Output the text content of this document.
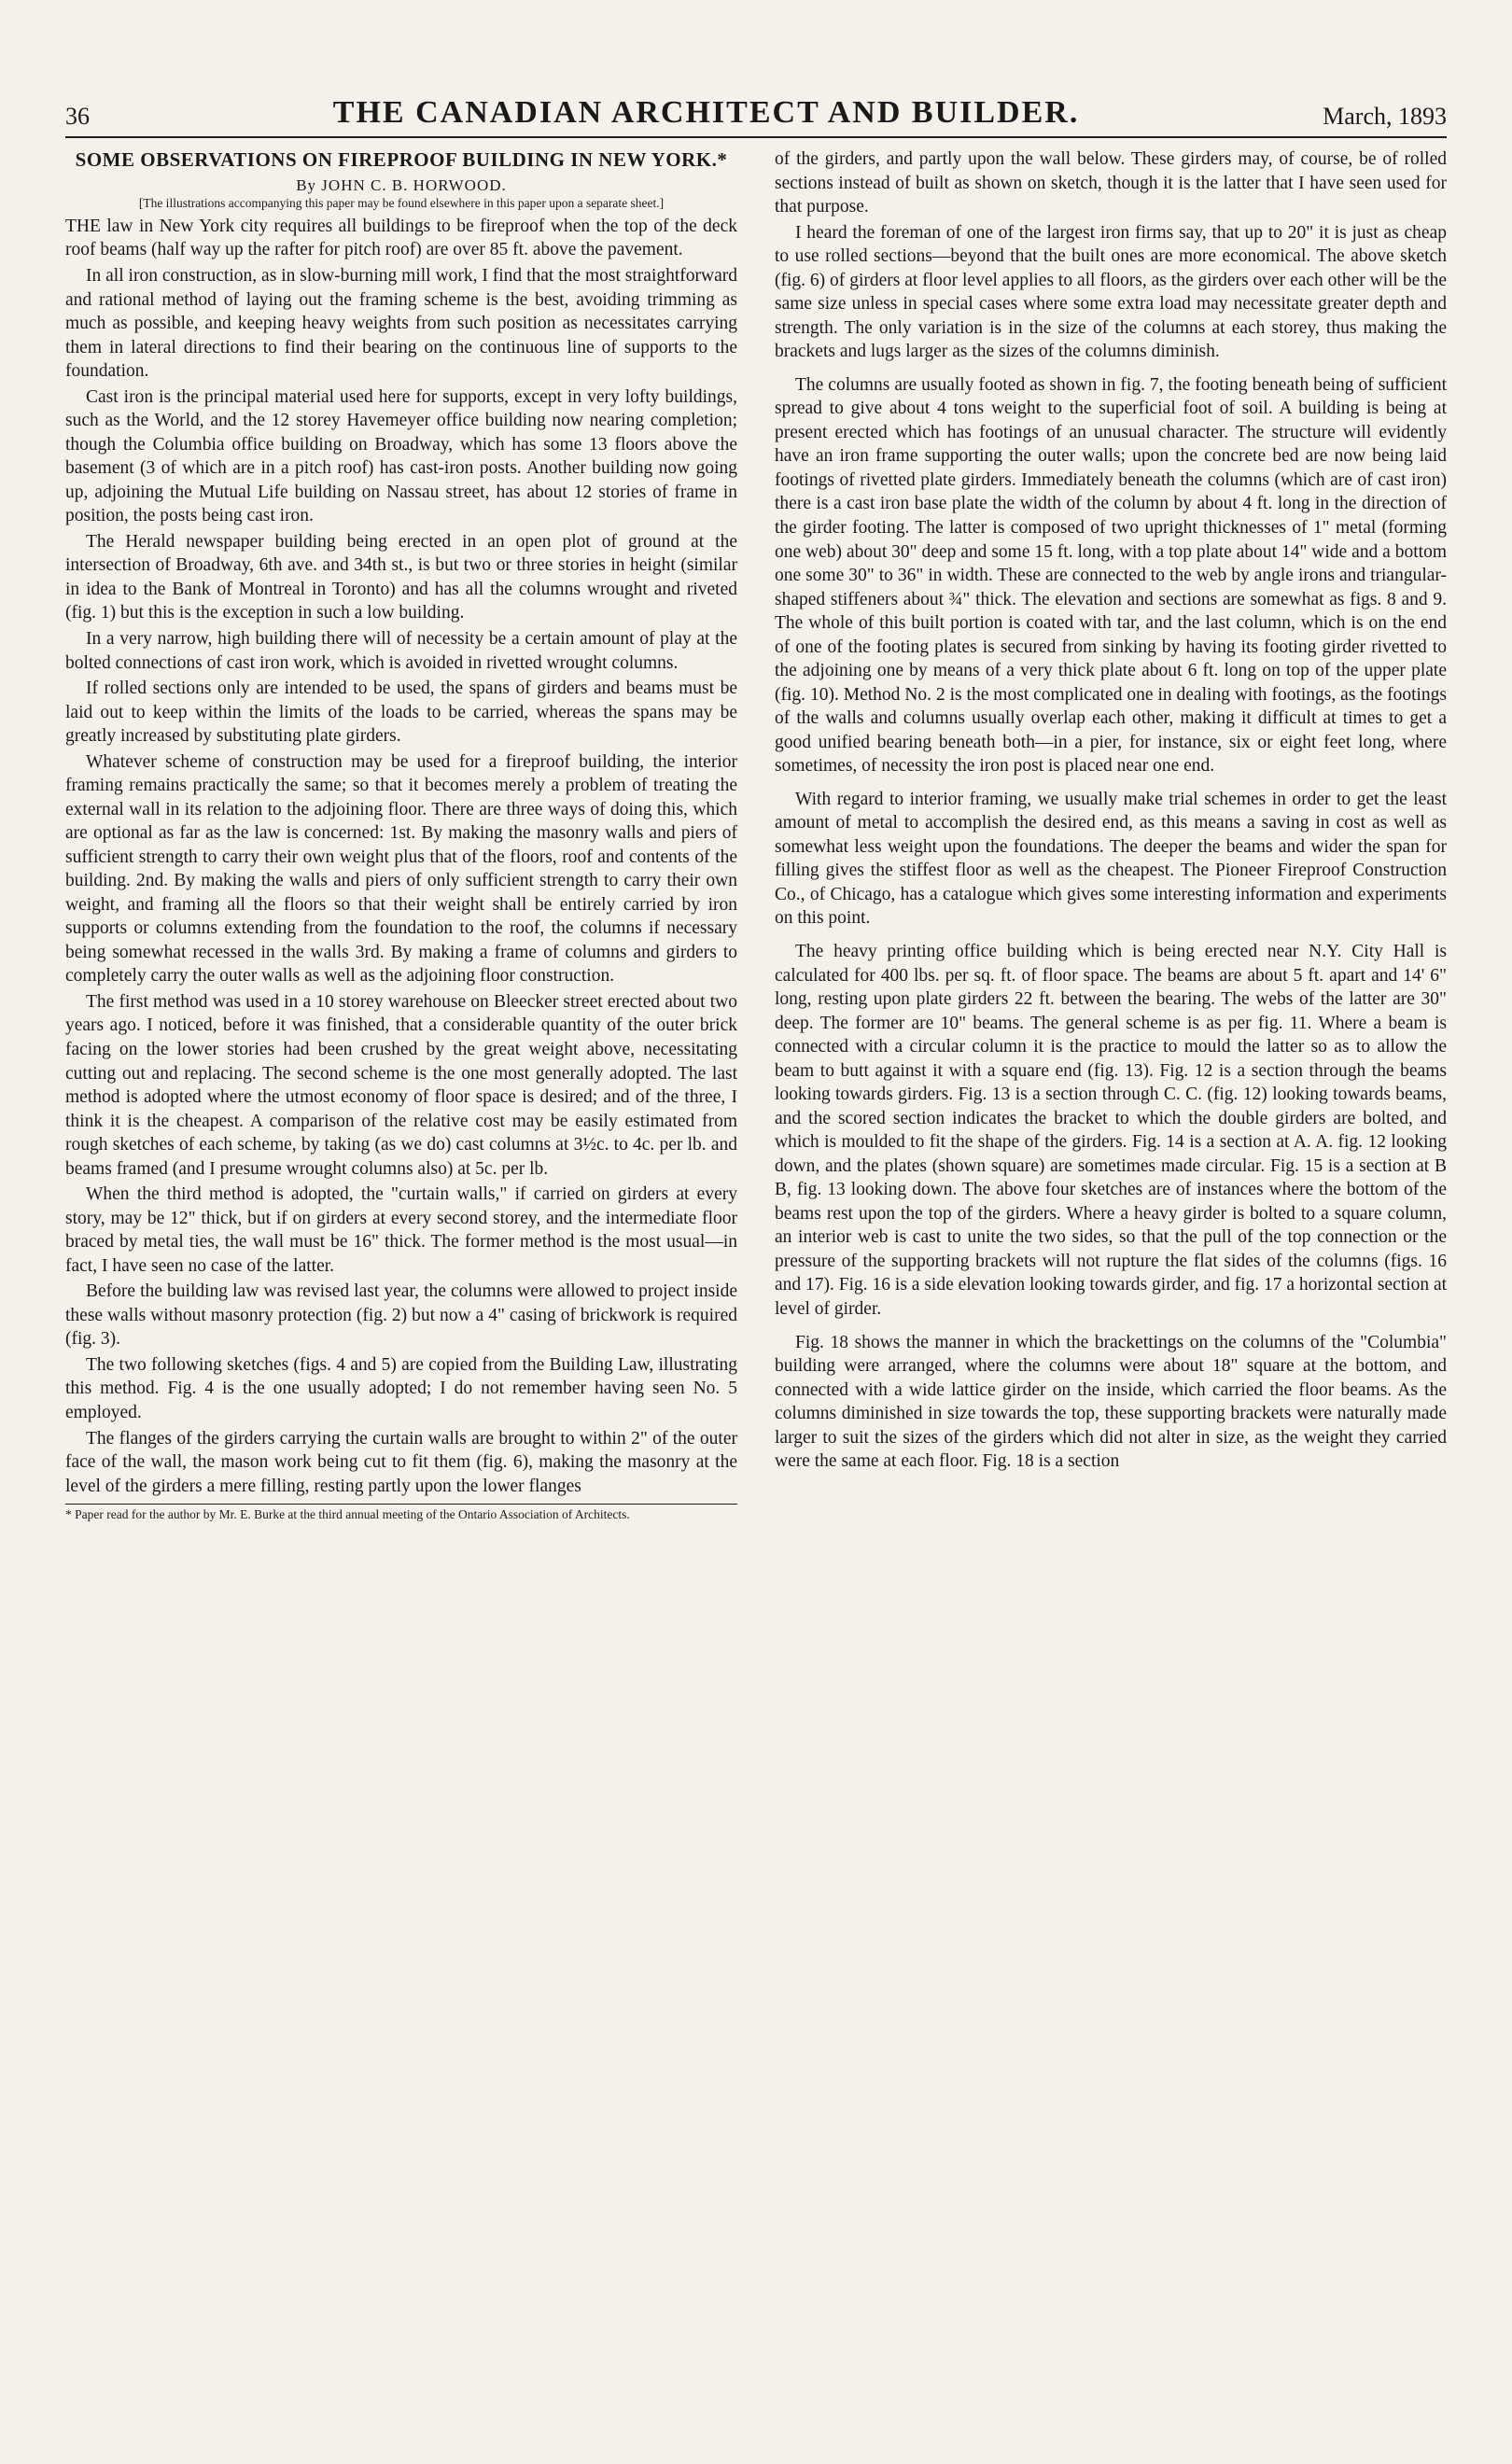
36	THE CANADIAN ARCHITECT AND BUILDER.	March, 1893
SOME OBSERVATIONS ON FIREPROOF BUILDING IN NEW YORK.*
By JOHN C. B. HORWOOD.
[The illustrations accompanying this paper may be found elsewhere in this paper upon a separate sheet.]

THE law in New York city requires all buildings to be fireproof when the top of the deck roof beams (half way up the rafter for pitch roof) are over 85 ft. above the pavement.

In all iron construction, as in slow-burning mill work, I find that the most straightforward and rational method of laying out the framing scheme is the best, avoiding trimming as much as possible, and keeping heavy weights from such position as necessitates carrying them in lateral directions to find their bearing on the continuous line of supports to the foundation.

Cast iron is the principal material used here for supports, except in very lofty buildings, such as the World, and the 12 storey Havemeyer office building now nearing completion; though the Columbia office building on Broadway, which has some 13 floors above the basement (3 of which are in a pitch roof) has cast-iron posts. Another building now going up, adjoining the Mutual Life building on Nassau street, has about 12 stories of frame in position, the posts being cast iron.

The Herald newspaper building being erected in an open plot of ground at the intersection of Broadway, 6th ave. and 34th st., is but two or three stories in height (similar in idea to the Bank of Montreal in Toronto) and has all the columns wrought and riveted (fig. 1) but this is the exception in such a low building.

In a very narrow, high building there will of necessity be a certain amount of play at the bolted connections of cast iron work, which is avoided in rivetted wrought columns.

If rolled sections only are intended to be used, the spans of girders and beams must be laid out to keep within the limits of the loads to be carried, whereas the spans may be greatly increased by substituting plate girders.

Whatever scheme of construction may be used for a fireproof building, the interior framing remains practically the same; so that it becomes merely a problem of treating the external wall in its relation to the adjoining floor. There are three ways of doing this, which are optional as far as the law is concerned: 1st. By making the masonry walls and piers of sufficient strength to carry their own weight plus that of the floors, roof and contents of the building. 2nd. By making the walls and piers of only sufficient strength to carry their own weight, and framing all the floors so that their weight shall be entirely carried by iron supports or columns extending from the foundation to the roof, the columns if necessary being somewhat recessed in the walls 3rd. By making a frame of columns and girders to completely carry the outer walls as well as the adjoining floor construction.

The first method was used in a 10 storey warehouse on Bleecker street erected about two years ago. I noticed, before it was finished, that a considerable quantity of the outer brick facing on the lower stories had been crushed by the great weight above, necessitating cutting out and replacing. The second scheme is the one most generally adopted. The last method is adopted where the utmost economy of floor space is desired; and of the three, I think it is the cheapest. A comparison of the relative cost may be easily estimated from rough sketches of each scheme, by taking (as we do) cast columns at 3½c. to 4c. per lb. and beams framed (and I presume wrought columns also) at 5c. per lb.

When the third method is adopted, the "curtain walls," if carried on girders at every story, may be 12" thick, but if on girders at every second storey, and the intermediate floor braced by metal ties, the wall must be 16" thick. The former method is the most usual—in fact, I have seen no case of the latter.

Before the building law was revised last year, the columns were allowed to project inside these walls without masonry protection (fig. 2) but now a 4" casing of brickwork is required (fig. 3).

The two following sketches (figs. 4 and 5) are copied from the Building Law, illustrating this method. Fig. 4 is the one usually adopted; I do not remember having seen No. 5 employed.

The flanges of the girders carrying the curtain walls are brought to within 2" of the outer face of the wall, the mason work being cut to fit them (fig. 6), making the masonry at the level of the girders a mere filling, resting partly upon the lower flanges

* Paper read for the author by Mr. E. Burke at the third annual meeting of the Ontario Association of Architects.

of the girders, and partly upon the wall below. These girders may, of course, be of rolled sections instead of built as shown on sketch, though it is the latter that I have seen used for that purpose.

I heard the foreman of one of the largest iron firms say, that up to 20" it is just as cheap to use rolled sections—beyond that the built ones are more economical. The above sketch (fig. 6) of girders at floor level applies to all floors, as the girders over each other will be the same size unless in special cases where some extra load may necessitate greater depth and strength. The only variation is in the size of the columns at each storey, thus making the brackets and lugs larger as the sizes of the columns diminish.

The columns are usually footed as shown in fig. 7, the footing beneath being of sufficient spread to give about 4 tons weight to the superficial foot of soil. A building is being at present erected which has footings of an unusual character. The structure will evidently have an iron frame supporting the outer walls; upon the concrete bed are now being laid footings of rivetted plate girders. Immediately beneath the columns (which are of cast iron) there is a cast iron base plate the width of the column by about 4 ft. long in the direction of the girder footing. The latter is composed of two upright thicknesses of 1" metal (forming one web) about 30" deep and some 15 ft. long, with a top plate about 14" wide and a bottom one some 30" to 36" in width. These are connected to the web by angle irons and triangular-shaped stiffeners about ¾" thick. The elevation and sections are somewhat as figs. 8 and 9. The whole of this built portion is coated with tar, and the last column, which is on the end of one of the footing plates is secured from sinking by having its footing girder rivetted to the adjoining one by means of a very thick plate about 6 ft. long on top of the upper plate (fig. 10). Method No. 2 is the most complicated one in dealing with footings, as the footings of the walls and columns usually overlap each other, making it difficult at times to get a good unified bearing beneath both—in a pier, for instance, six or eight feet long, where sometimes, of necessity the iron post is placed near one end.

With regard to interior framing, we usually make trial schemes in order to get the least amount of metal to accomplish the desired end, as this means a saving in cost as well as somewhat less weight upon the foundations. The deeper the beams and wider the span for filling gives the stiffest floor as well as the cheapest. The Pioneer Fireproof Construction Co., of Chicago, has a catalogue which gives some interesting information and experiments on this point.

The heavy printing office building which is being erected near N.Y. City Hall is calculated for 400 lbs. per sq. ft. of floor space. The beams are about 5 ft. apart and 14' 6" long, resting upon plate girders 22 ft. between the bearing. The webs of the latter are 30" deep. The former are 10" beams. The general scheme is as per fig. 11. Where a beam is connected with a circular column it is the practice to mould the latter so as to allow the beam to butt against it with a square end (fig. 13). Fig. 12 is a section through the beams looking towards girders. Fig. 13 is a section through C. C. (fig. 12) looking towards beams, and the scored section indicates the bracket to which the double girders are bolted, and which is moulded to fit the shape of the girders. Fig. 14 is a section at A. A. fig. 12 looking down, and the plates (shown square) are sometimes made circular. Fig. 15 is a section at B B, fig. 13 looking down. The above four sketches are of instances where the bottom of the beams rest upon the top of the girders. Where a heavy girder is bolted to a square column, an interior web is cast to unite the two sides, so that the pull of the top connection or the pressure of the supporting brackets will not rupture the flat sides of the columns (figs. 16 and 17). Fig. 16 is a side elevation looking towards girder, and fig. 17 a horizontal section at level of girder.

Fig. 18 shows the manner in which the brackettings on the columns of the "Columbia" building were arranged, where the columns were about 18" square at the bottom, and connected with a wide lattice girder on the inside, which carried the floor beams. As the columns diminished in size towards the top, these supporting brackets were naturally made larger to suit the sizes of the girders which did not alter in size, as the weight they carried were the same at each floor. Fig. 18 is a section
